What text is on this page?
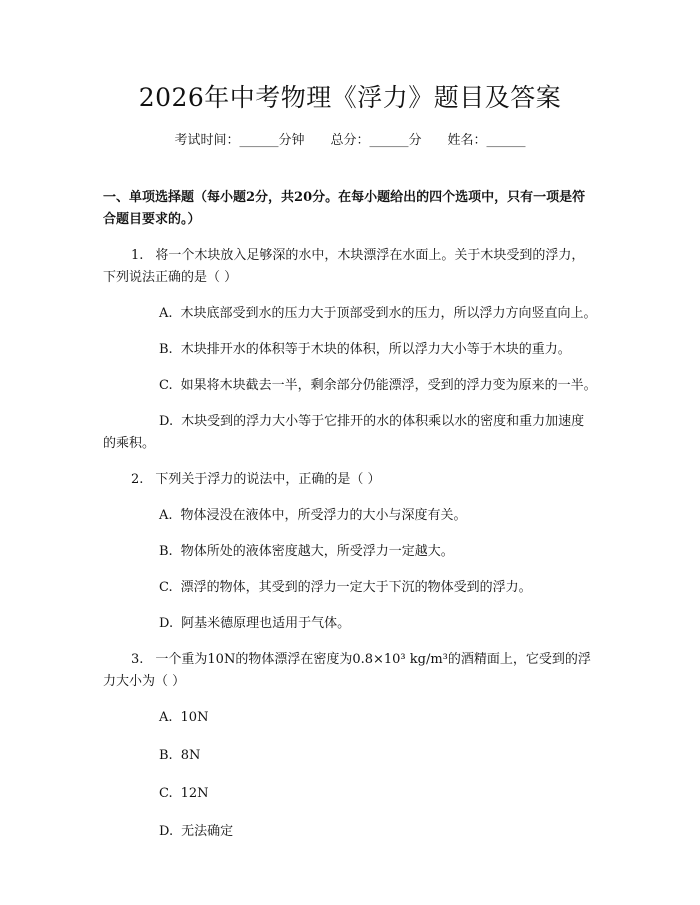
2026年中考物理《浮力》题目及答案
考试时间：______分钟 总分：______分 姓名：______

一、单项选择题（每小题2分，共20分。在每小题给出的四个选项中，只有一项是符合题目要求的。）

1. 将一个木块放入足够深的水中，木块漂浮在水面上。关于木块受到的浮力，下列说法正确的是（ ）

A. 木块底部受到水的压力大于顶部受到水的压力，所以浮力方向竖直向上。

B. 木块排开水的体积等于木块的体积，所以浮力大小等于木块的重力。

C. 如果将木块截去一半，剩余部分仍能漂浮，受到的浮力变为原来的一半。

D. 木块受到的浮力大小等于它排开的水的体积乘以水的密度和重力加速度的乘积。

2. 下列关于浮力的说法中，正确的是（ ）

A. 物体浸没在液体中，所受浮力的大小与深度有关。

B. 物体所处的液体密度越大，所受浮力一定越大。

C. 漂浮的物体，其受到的浮力一定大于下沉的物体受到的浮力。

D. 阿基米德原理也适用于气体。

3. 一个重为10N的物体漂浮在密度为0.8×10³ kg/m³的酒精面上，它受到的浮力大小为（ ）

A. 10N

B. 8N

C. 12N

D. 无法确定
